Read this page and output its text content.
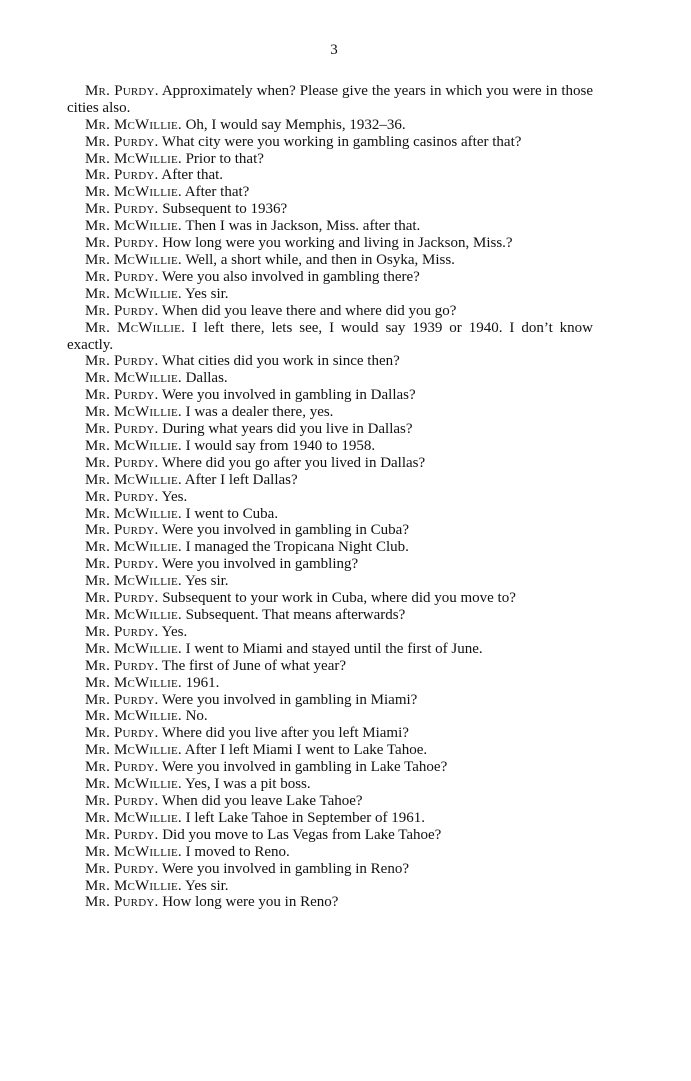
3

Mr. Purdy. Approximately when? Please give the years in which you were in those cities also.

Mr. McWillie. Oh, I would say Memphis, 1932–36.

Mr. Purdy. What city were you working in gambling casinos after that?

Mr. McWillie. Prior to that?

Mr. Purdy. After that.

Mr. McWillie. After that?

Mr. Purdy. Subsequent to 1936?

Mr. McWillie. Then I was in Jackson, Miss. after that.

Mr. Purdy. How long were you working and living in Jackson, Miss.?

Mr. McWillie. Well, a short while, and then in Osyka, Miss.

Mr. Purdy. Were you also involved in gambling there?

Mr. McWillie. Yes sir.

Mr. Purdy. When did you leave there and where did you go?

Mr. McWillie. I left there, lets see, I would say 1939 or 1940. I don’t know exactly.

Mr. Purdy. What cities did you work in since then?

Mr. McWillie. Dallas.

Mr. Purdy. Were you involved in gambling in Dallas?

Mr. McWillie. I was a dealer there, yes.

Mr. Purdy. During what years did you live in Dallas?

Mr. McWillie. I would say from 1940 to 1958.

Mr. Purdy. Where did you go after you lived in Dallas?

Mr. McWillie. After I left Dallas?

Mr. Purdy. Yes.

Mr. McWillie. I went to Cuba.

Mr. Purdy. Were you involved in gambling in Cuba?

Mr. McWillie. I managed the Tropicana Night Club.

Mr. Purdy. Were you involved in gambling?

Mr. McWillie. Yes sir.

Mr. Purdy. Subsequent to your work in Cuba, where did you move to?

Mr. McWillie. Subsequent. That means afterwards?

Mr. Purdy. Yes.

Mr. McWillie. I went to Miami and stayed until the first of June.

Mr. Purdy. The first of June of what year?

Mr. McWillie. 1961.

Mr. Purdy. Were you involved in gambling in Miami?

Mr. McWillie. No.

Mr. Purdy. Where did you live after you left Miami?

Mr. McWillie. After I left Miami I went to Lake Tahoe.

Mr. Purdy. Were you involved in gambling in Lake Tahoe?

Mr. McWillie. Yes, I was a pit boss.

Mr. Purdy. When did you leave Lake Tahoe?

Mr. McWillie. I left Lake Tahoe in September of 1961.

Mr. Purdy. Did you move to Las Vegas from Lake Tahoe?

Mr. McWillie. I moved to Reno.

Mr. Purdy. Were you involved in gambling in Reno?

Mr. McWillie. Yes sir.

Mr. Purdy. How long were you in Reno?
